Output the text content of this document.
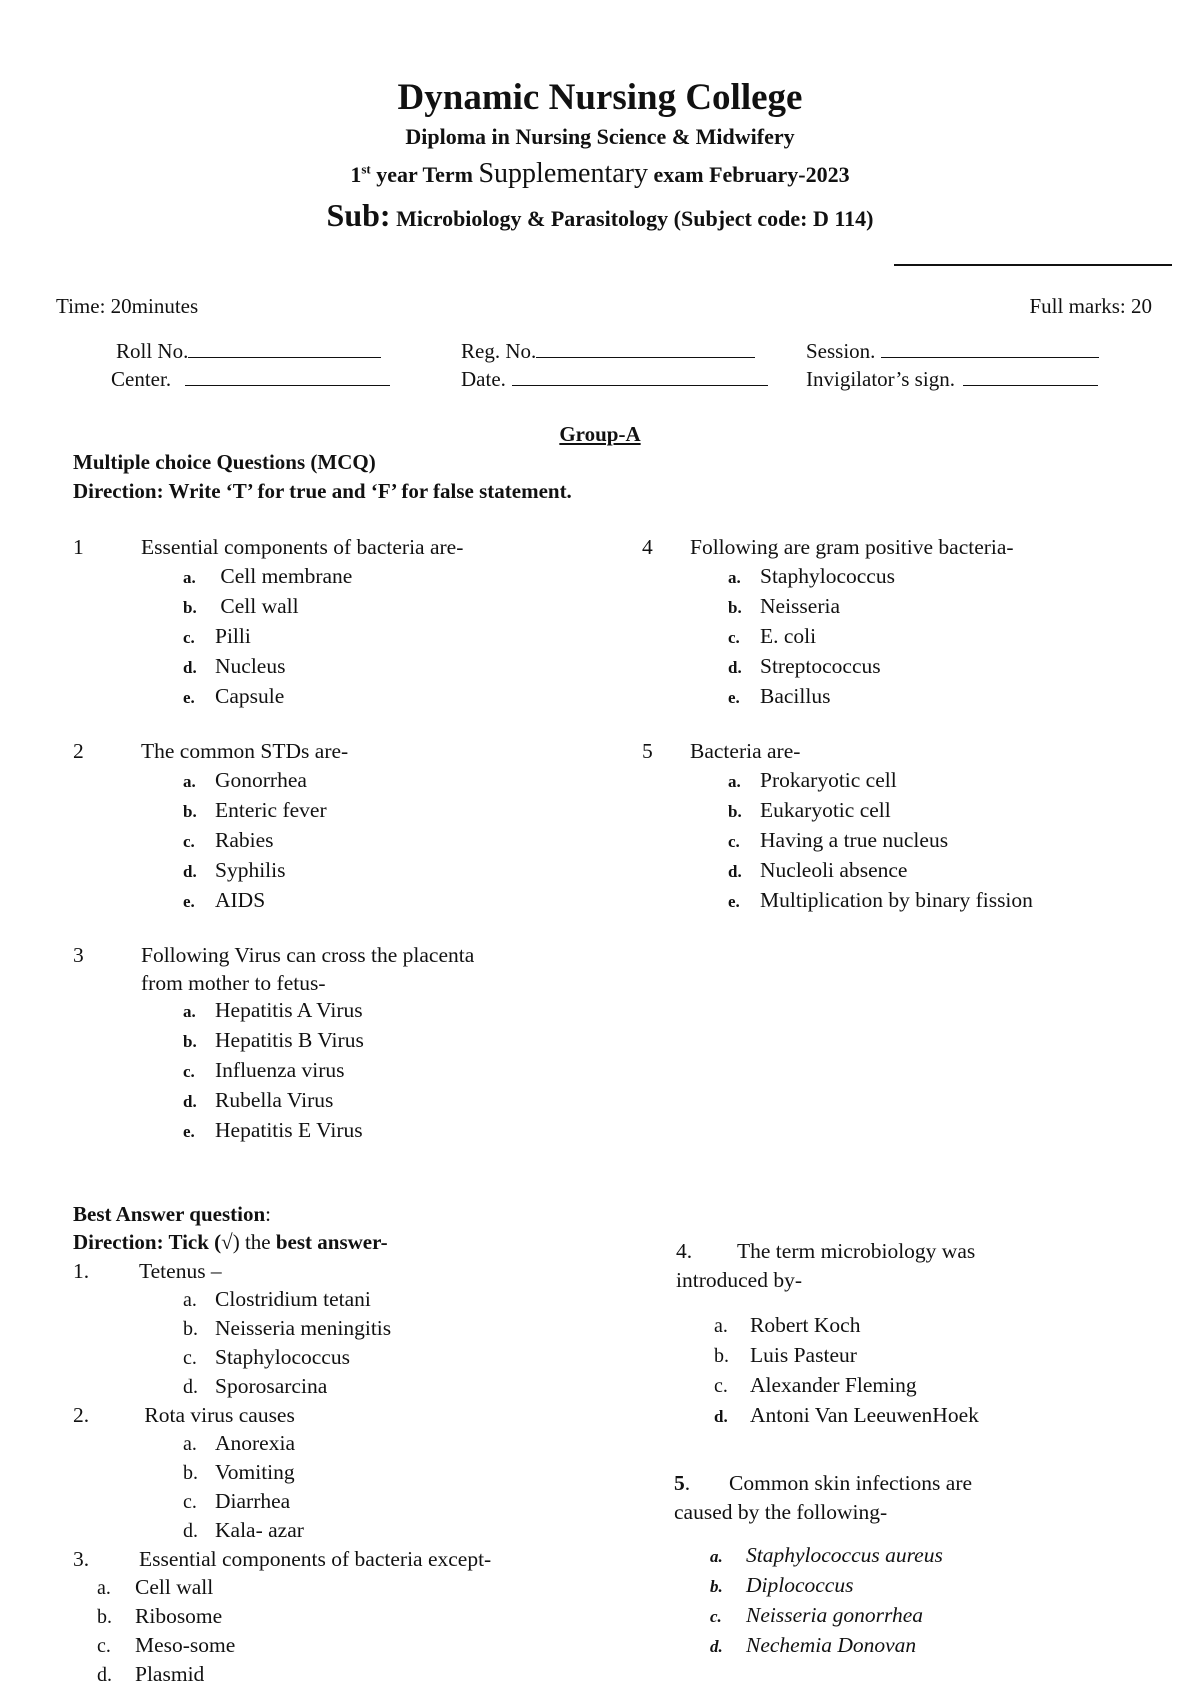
Dynamic Nursing College
Diploma in Nursing Science & Midwifery
1st year Term Supplementary exam February-2023
Sub: Microbiology & Parasitology (Subject code: D 114)
Time: 20minutes	Full marks: 20
Roll No.	Reg. No.	Session.
Center.	Date.	Invigilator’s sign.
Group-A
Multiple choice Questions (MCQ)
Direction: Write ‘T’ for true and ‘F’ for false statement.
1	Essential components of bacteria are-
a. Cell membrane
b. Cell wall
c. Pilli
d. Nucleus
e. Capsule
2	The common STDs are-
a. Gonorrhea
b. Enteric fever
c. Rabies
d. Syphilis
e. AIDS
3	Following Virus can cross the placenta
from mother to fetus-
a. Hepatitis A Virus
b. Hepatitis B Virus
c. Influenza virus
d. Rubella Virus
e. Hepatitis E Virus
4 Following are gram positive bacteria-
a. Staphylococcus
b. Neisseria
c. E. coli
d. Streptococcus
e. Bacillus
5 Bacteria are-
a. Prokaryotic cell
b. Eukaryotic cell
c. Having a true nucleus
d. Nucleoli absence
e. Multiplication by binary fission
Best Answer question:
Direction: Tick (√) the best answer-
1. Tetenus –
a. Clostridium tetani
b. Neisseria meningitis
c. Staphylococcus
d. Sporosarcina
2. Rota virus causes
a. Anorexia
b. Vomiting
c. Diarrhea
d. Kala- azar
3. Essential components of bacteria except-
a. Cell wall
b. Ribosome
c. Meso-some
d. Plasmid
4. The term microbiology was
introduced by-
a. Robert Koch
b. Luis Pasteur
c. Alexander Fleming
d. Antoni Van LeeuwenHoek
5. Common skin infections are
caused by the following-
a. Staphylococcus aureus
b. Diplococcus
c. Neisseria gonorrhea
d. Nechemia Donovan
